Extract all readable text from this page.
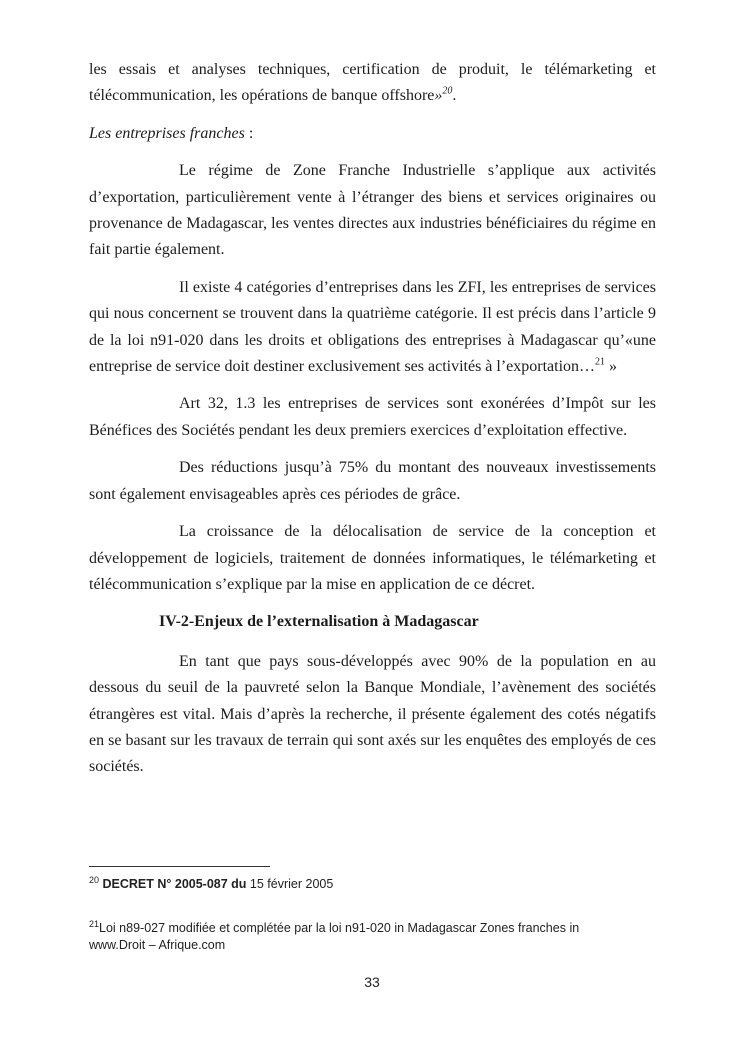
les essais et analyses techniques, certification de produit, le télémarketing et télécommunication, les opérations de banque offshore»$^{20}$.

Les entreprises franches :

Le régime de Zone Franche Industrielle s’applique aux activités d’exportation, particulièrement vente à l’étranger des biens et services originaires ou provenance de Madagascar, les ventes directes aux industries bénéficiaires du régime en fait partie également.

Il existe 4 catégories d’entreprises dans les ZFI, les entreprises de services qui nous concernent se trouvent dans la quatrième catégorie. Il est précis dans l’article 9 de la loi n91-020 dans les droits et obligations des entreprises à Madagascar qu’«une entreprise de service doit destiner exclusivement ses activités à l’exportation…$^{21}$ »

Art 32, 1.3 les entreprises de services sont exonérées d’Impôt sur les Bénéfices des Sociétés pendant les deux premiers exercices d’exploitation effective.

Des réductions jusqu’à 75% du montant des nouveaux investissements sont également envisageables après ces périodes de grâce.

La croissance de la délocalisation de service de la conception et développement de logiciels, traitement de données informatiques, le télémarketing et télécommunication s’explique par la mise en application de ce décret.

IV-2-Enjeux de l’externalisation à Madagascar

En tant que pays sous-développés avec 90% de la population en au dessous du seuil de la pauvreté selon la Banque Mondiale, l’avènement des sociétés étrangères est vital. Mais d’après la recherche, il présente également des cotés négatifs en se basant sur les travaux de terrain qui sont axés sur les enquêtes des employés de ces sociétés.

$^{20}$ DECRET N° 2005-087 du 15 février 2005
$^{21}$Loi n89-027 modifiée et complétée par la loi n91-020 in Madagascar Zones franches in www.Droit – Afrique.com
33
